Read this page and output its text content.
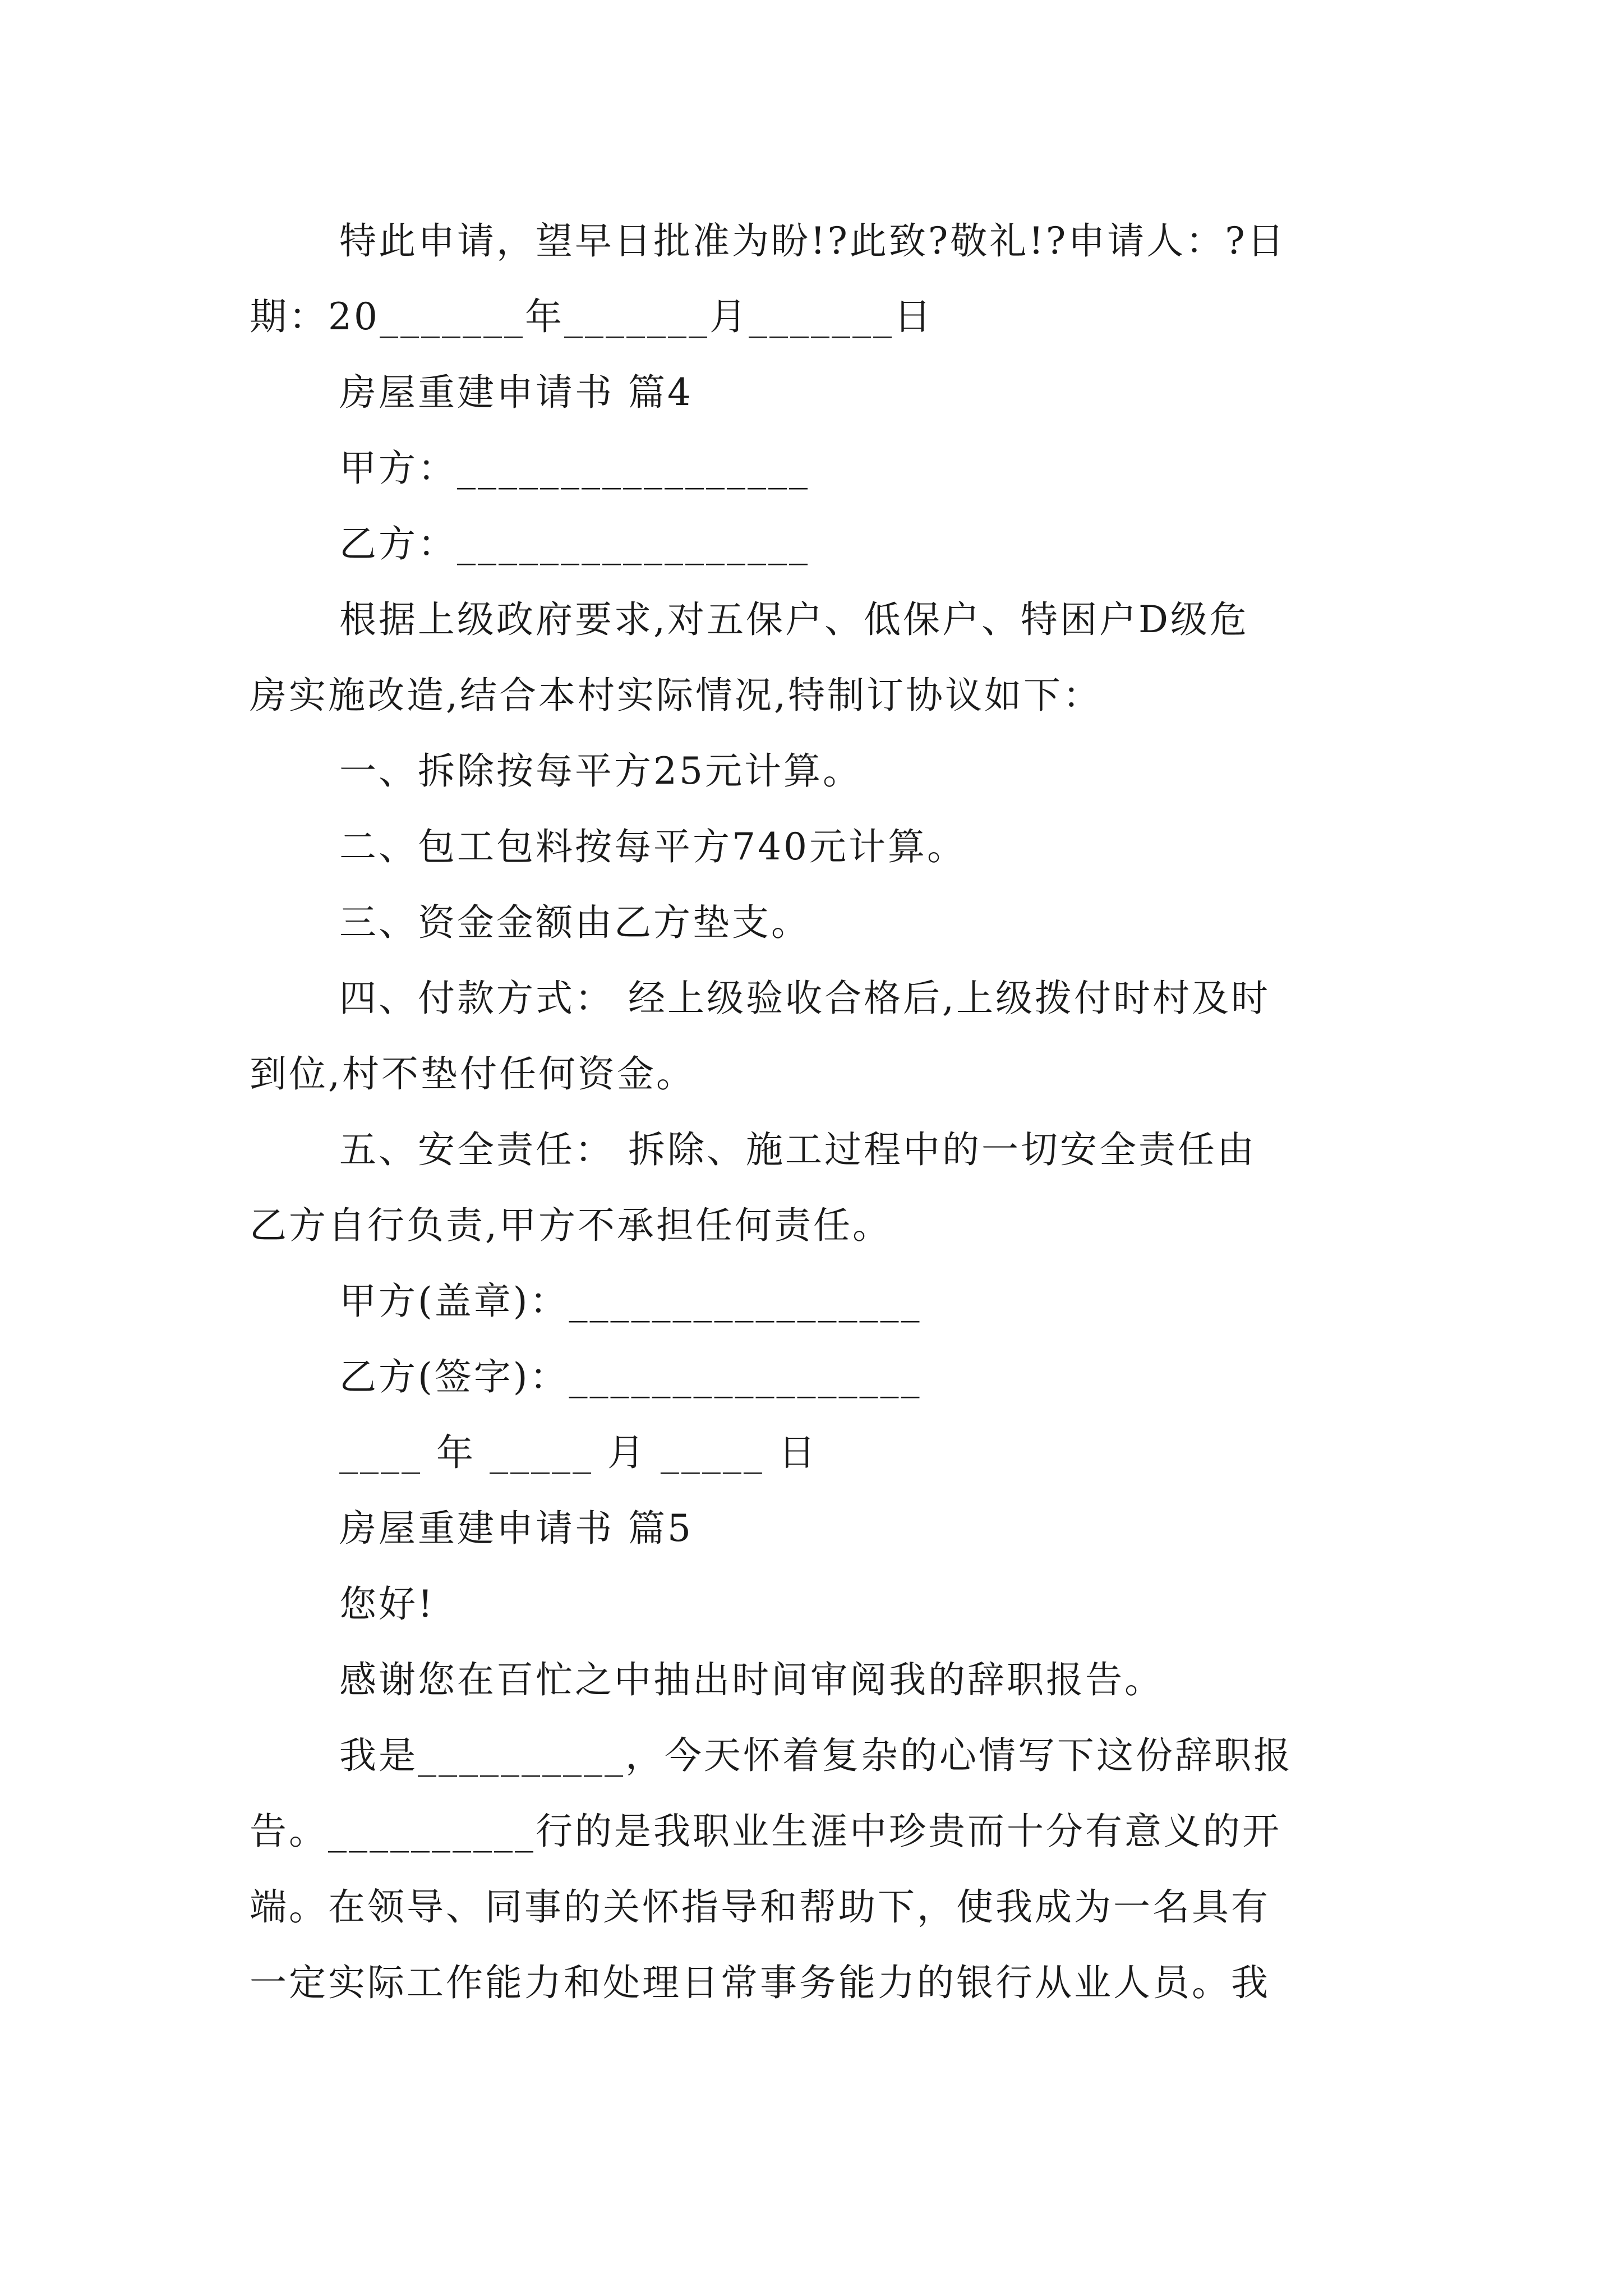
特此申请，望早日批准为盼!?此致?敬礼!?申请人：?日
期：20_______年_______月_______日
房屋重建申请书 篇4
甲方：_________________
乙方：_________________
根据上级政府要求,对五保户、低保户、特困户D级危
房实施改造,结合本村实际情况,特制订协议如下：
一、拆除按每平方25元计算。
二、包工包料按每平方740元计算。
三、资金金额由乙方垫支。
四、付款方式： 经上级验收合格后,上级拨付时村及时
到位,村不垫付任何资金。
五、安全责任： 拆除、施工过程中的一切安全责任由
乙方自行负责,甲方不承担任何责任。
甲方(盖章)：_________________
乙方(签字)：_________________
____ 年 _____ 月 _____ 日
房屋重建申请书 篇5
您好!
感谢您在百忙之中抽出时间审阅我的辞职报告。
我是__________，今天怀着复杂的心情写下这份辞职报
告。__________行的是我职业生涯中珍贵而十分有意义的开
端。在领导、同事的关怀指导和帮助下，使我成为一名具有
一定实际工作能力和处理日常事务能力的银行从业人员。我
